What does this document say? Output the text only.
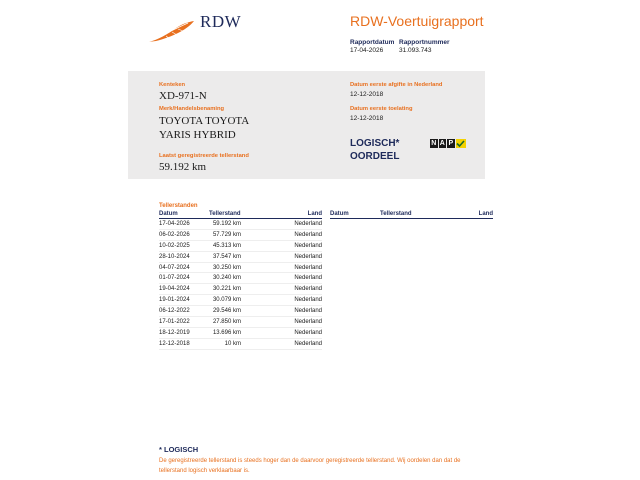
RDW	RDW-Voertuigrapport
Rapportdatum
17-04-2026
Rapportnummer
31.093.743
Kenteken
XD-971-N
Merk/Handelsbenaming
TOYOTA TOYOTA
YARIS HYBRID
Laatst geregistreerde tellerstand
59.192 km
Datum eerste afgifte in Nederland
12-12-2018
Datum eerste toelating
12-12-2018
LOGISCH*
OORDEEL
N A P
Tellerstanden
Datum	Tellerstand	Land
17-04-2026	59.192 km	Nederland
06-02-2026	57.729 km	Nederland
10-02-2025	45.313 km	Nederland
28-10-2024	37.547 km	Nederland
04-07-2024	30.250 km	Nederland
01-07-2024	30.240 km	Nederland
19-04-2024	30.221 km	Nederland
19-01-2024	30.079 km	Nederland
06-12-2022	29.546 km	Nederland
17-01-2022	27.850 km	Nederland
18-12-2019	13.696 km	Nederland
12-12-2018	10 km	Nederland
Datum	Tellerstand	Land
* LOGISCH
De geregistreerde tellerstand is steeds hoger dan de daarvoor geregistreerde tellerstand. Wij oordelen dan dat de tellerstand logisch verklaarbaar is.
